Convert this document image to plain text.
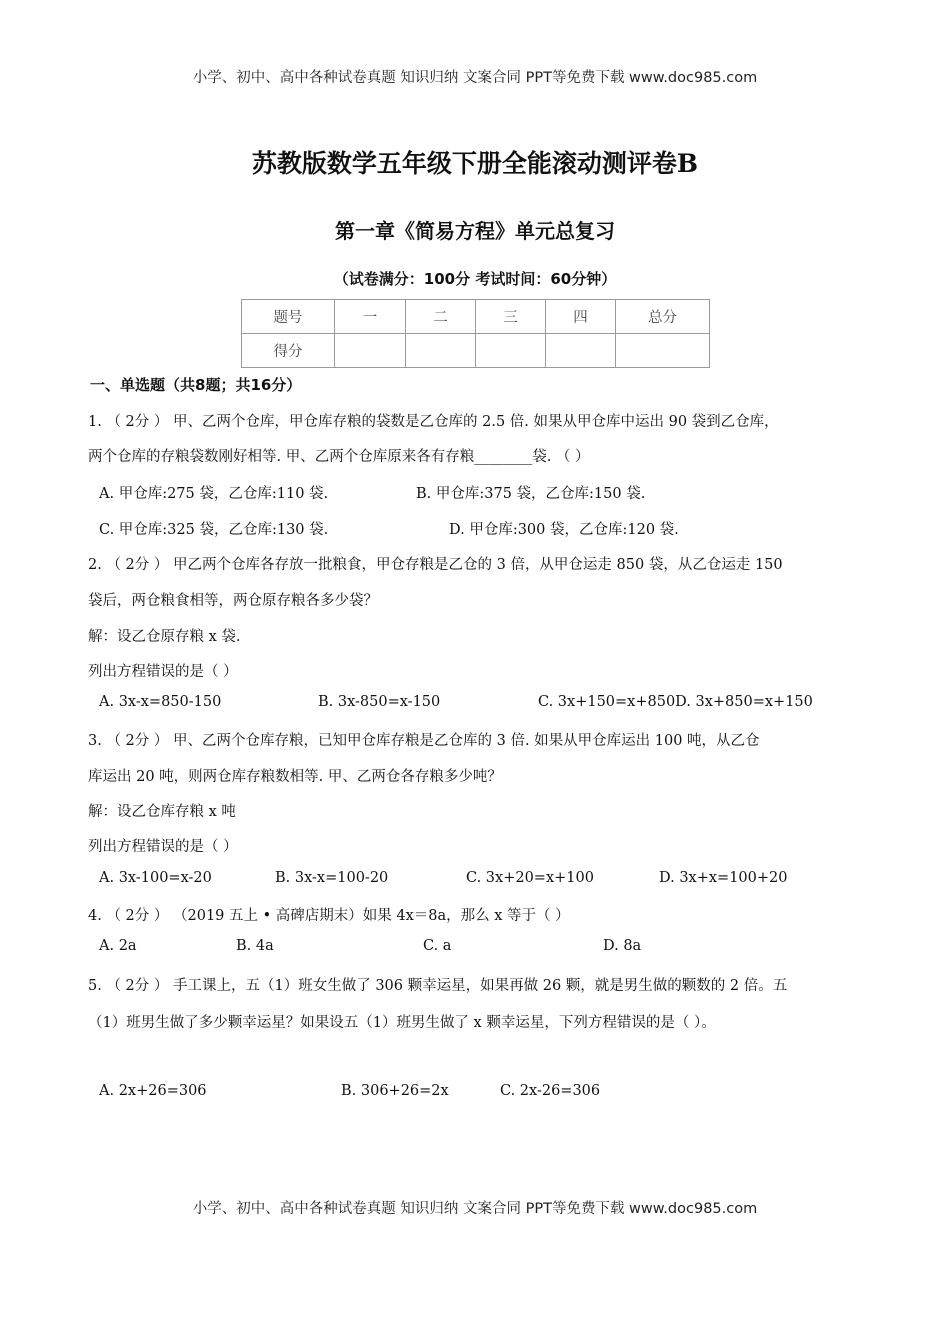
小学、初中、高中各种试卷真题 知识归纳 文案合同 PPT等免费下载 www.doc985.com
苏教版数学五年级下册全能滚动测评卷B
第一章《简易方程》单元总复习
（试卷满分：100分 考试时间：60分钟）
题号	一	二	三	四	总分
得分					
一、单选题（共8题；共16分）
1. （ 2分 ） 甲、乙两个仓库，甲仓库存粮的袋数是乙仓库的 2.5 倍. 如果从甲仓库中运出 90 袋到乙仓库，
两个仓库的存粮袋数刚好相等. 甲、乙两个仓库原来各有存粮________袋. （ ）
A. 甲仓库:275 袋，乙仓库:110 袋.	B. 甲仓库:375 袋，乙仓库:150 袋.
C. 甲仓库:325 袋，乙仓库:130 袋.	D. 甲仓库:300 袋，乙仓库:120 袋.
2. （ 2分 ） 甲乙两个仓库各存放一批粮食，甲仓存粮是乙仓的 3 倍，从甲仓运走 850 袋，从乙仓运走 150
袋后，两仓粮食相等，两仓原存粮各多少袋？
解：设乙仓原存粮 x 袋.
列出方程错误的是（ ）
A. 3x-x=850-150	B. 3x-850=x-150	C. 3x+150=x+850D. 3x+850=x+150
3. （ 2分 ） 甲、乙两个仓库存粮，已知甲仓库存粮是乙仓库的 3 倍. 如果从甲仓库运出 100 吨，从乙仓
库运出 20 吨，则两仓库存粮数相等. 甲、乙两仓各存粮多少吨？
解：设乙仓库存粮 x 吨
列出方程错误的是（ ）
A. 3x-100=x-20	B. 3x-x=100-20	C. 3x+20=x+100	D. 3x+x=100+20
4. （ 2分 ） （2019 五上 • 高碑店期末）如果 4x＝8a，那么 x 等于（ ）
A. 2a	B. 4a	C. a	D. 8a
5. （ 2分 ） 手工课上，五（1）班女生做了 306 颗幸运星，如果再做 26 颗，就是男生做的颗数的 2 倍。五
（1）班男生做了多少颗幸运星？如果设五（1）班男生做了 x 颗幸运星，下列方程错误的是（ ）。
A. 2x+26=306	B. 306+26=2x	C. 2x-26=306
小学、初中、高中各种试卷真题 知识归纳 文案合同 PPT等免费下载 www.doc985.com
